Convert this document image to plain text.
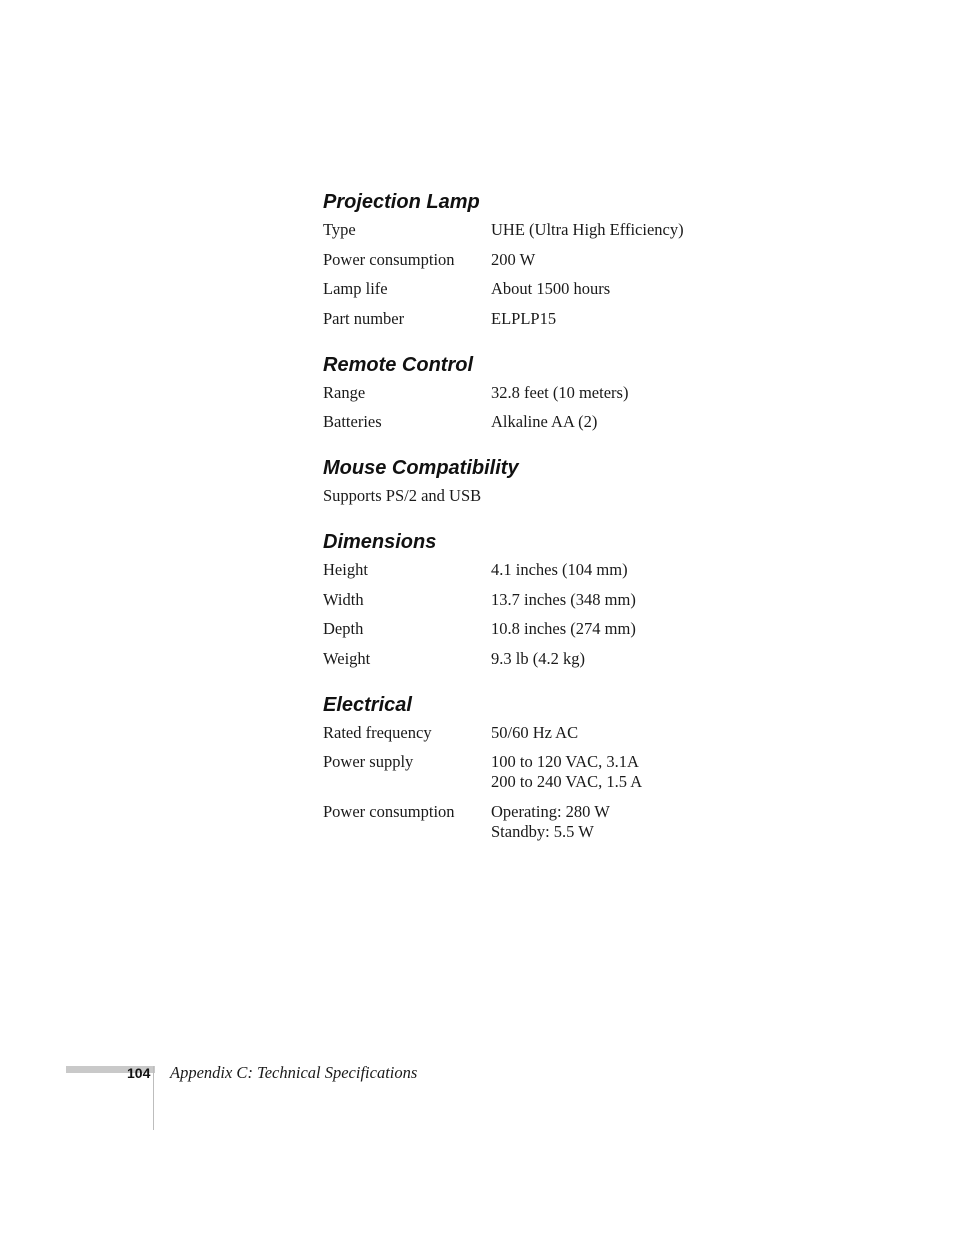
Projection Lamp
Type	UHE (Ultra High Efficiency)
Power consumption	200 W
Lamp life	About 1500 hours
Part number	ELPLP15
Remote Control
Range	32.8 feet (10 meters)
Batteries	Alkaline AA (2)
Mouse Compatibility
Supports PS/2 and USB
Dimensions
Height	4.1 inches (104 mm)
Width	13.7 inches (348 mm)
Depth	10.8 inches (274 mm)
Weight	9.3 lb (4.2 kg)
Electrical
Rated frequency	50/60 Hz AC
Power supply	100 to 120 VAC, 3.1A
200 to 240 VAC, 1.5 A
Power consumption	Operating: 280 W
Standby: 5.5 W
104 Appendix C: Technical Specifications
